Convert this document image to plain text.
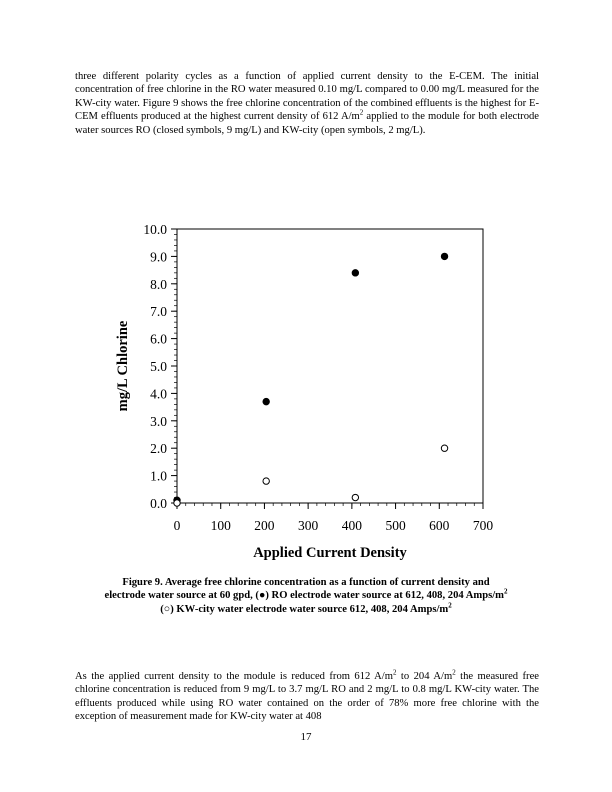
three different polarity cycles as a function of applied current density to the E-CEM. The initial concentration of free chlorine in the RO water measured 0.10 mg/L compared to 0.00 mg/L measured for the KW-city water. Figure 9 shows the free chlorine concentration of the combined effluents is the highest for E-CEM effluents produced at the highest current density of 612 $A/m^2$ applied to the module for both electrode water sources RO (closed symbols, 9 mg/L) and KW-city (open symbols, 2 mg/L).

0.0
1.0
2.0
3.0
4.0
5.0
6.0
7.0
8.0
9.0
10.0
0 100 200 300 400 500 600 700
Applied Current Density
mg/L Chlorine

Figure 9. Average free chlorine concentration as a function of current density and
electrode water source at 60 gpd, (●) RO electrode water source at 612, 408, 204 Amps/$m^2$
(○) KW-city water electrode water source 612, 408, 204 Amps/$m^2$

As the applied current density to the module is reduced from 612 $A/m^2$ to 204 $A/m^2$ the measured free chlorine concentration is reduced from 9 mg/L to 3.7 mg/L RO and 2 mg/L to 0.8 mg/L KW-city water. The effluents produced while using RO water contained on the order of 78% more free chlorine with the exception of measurement made for KW-city water at 408

17
